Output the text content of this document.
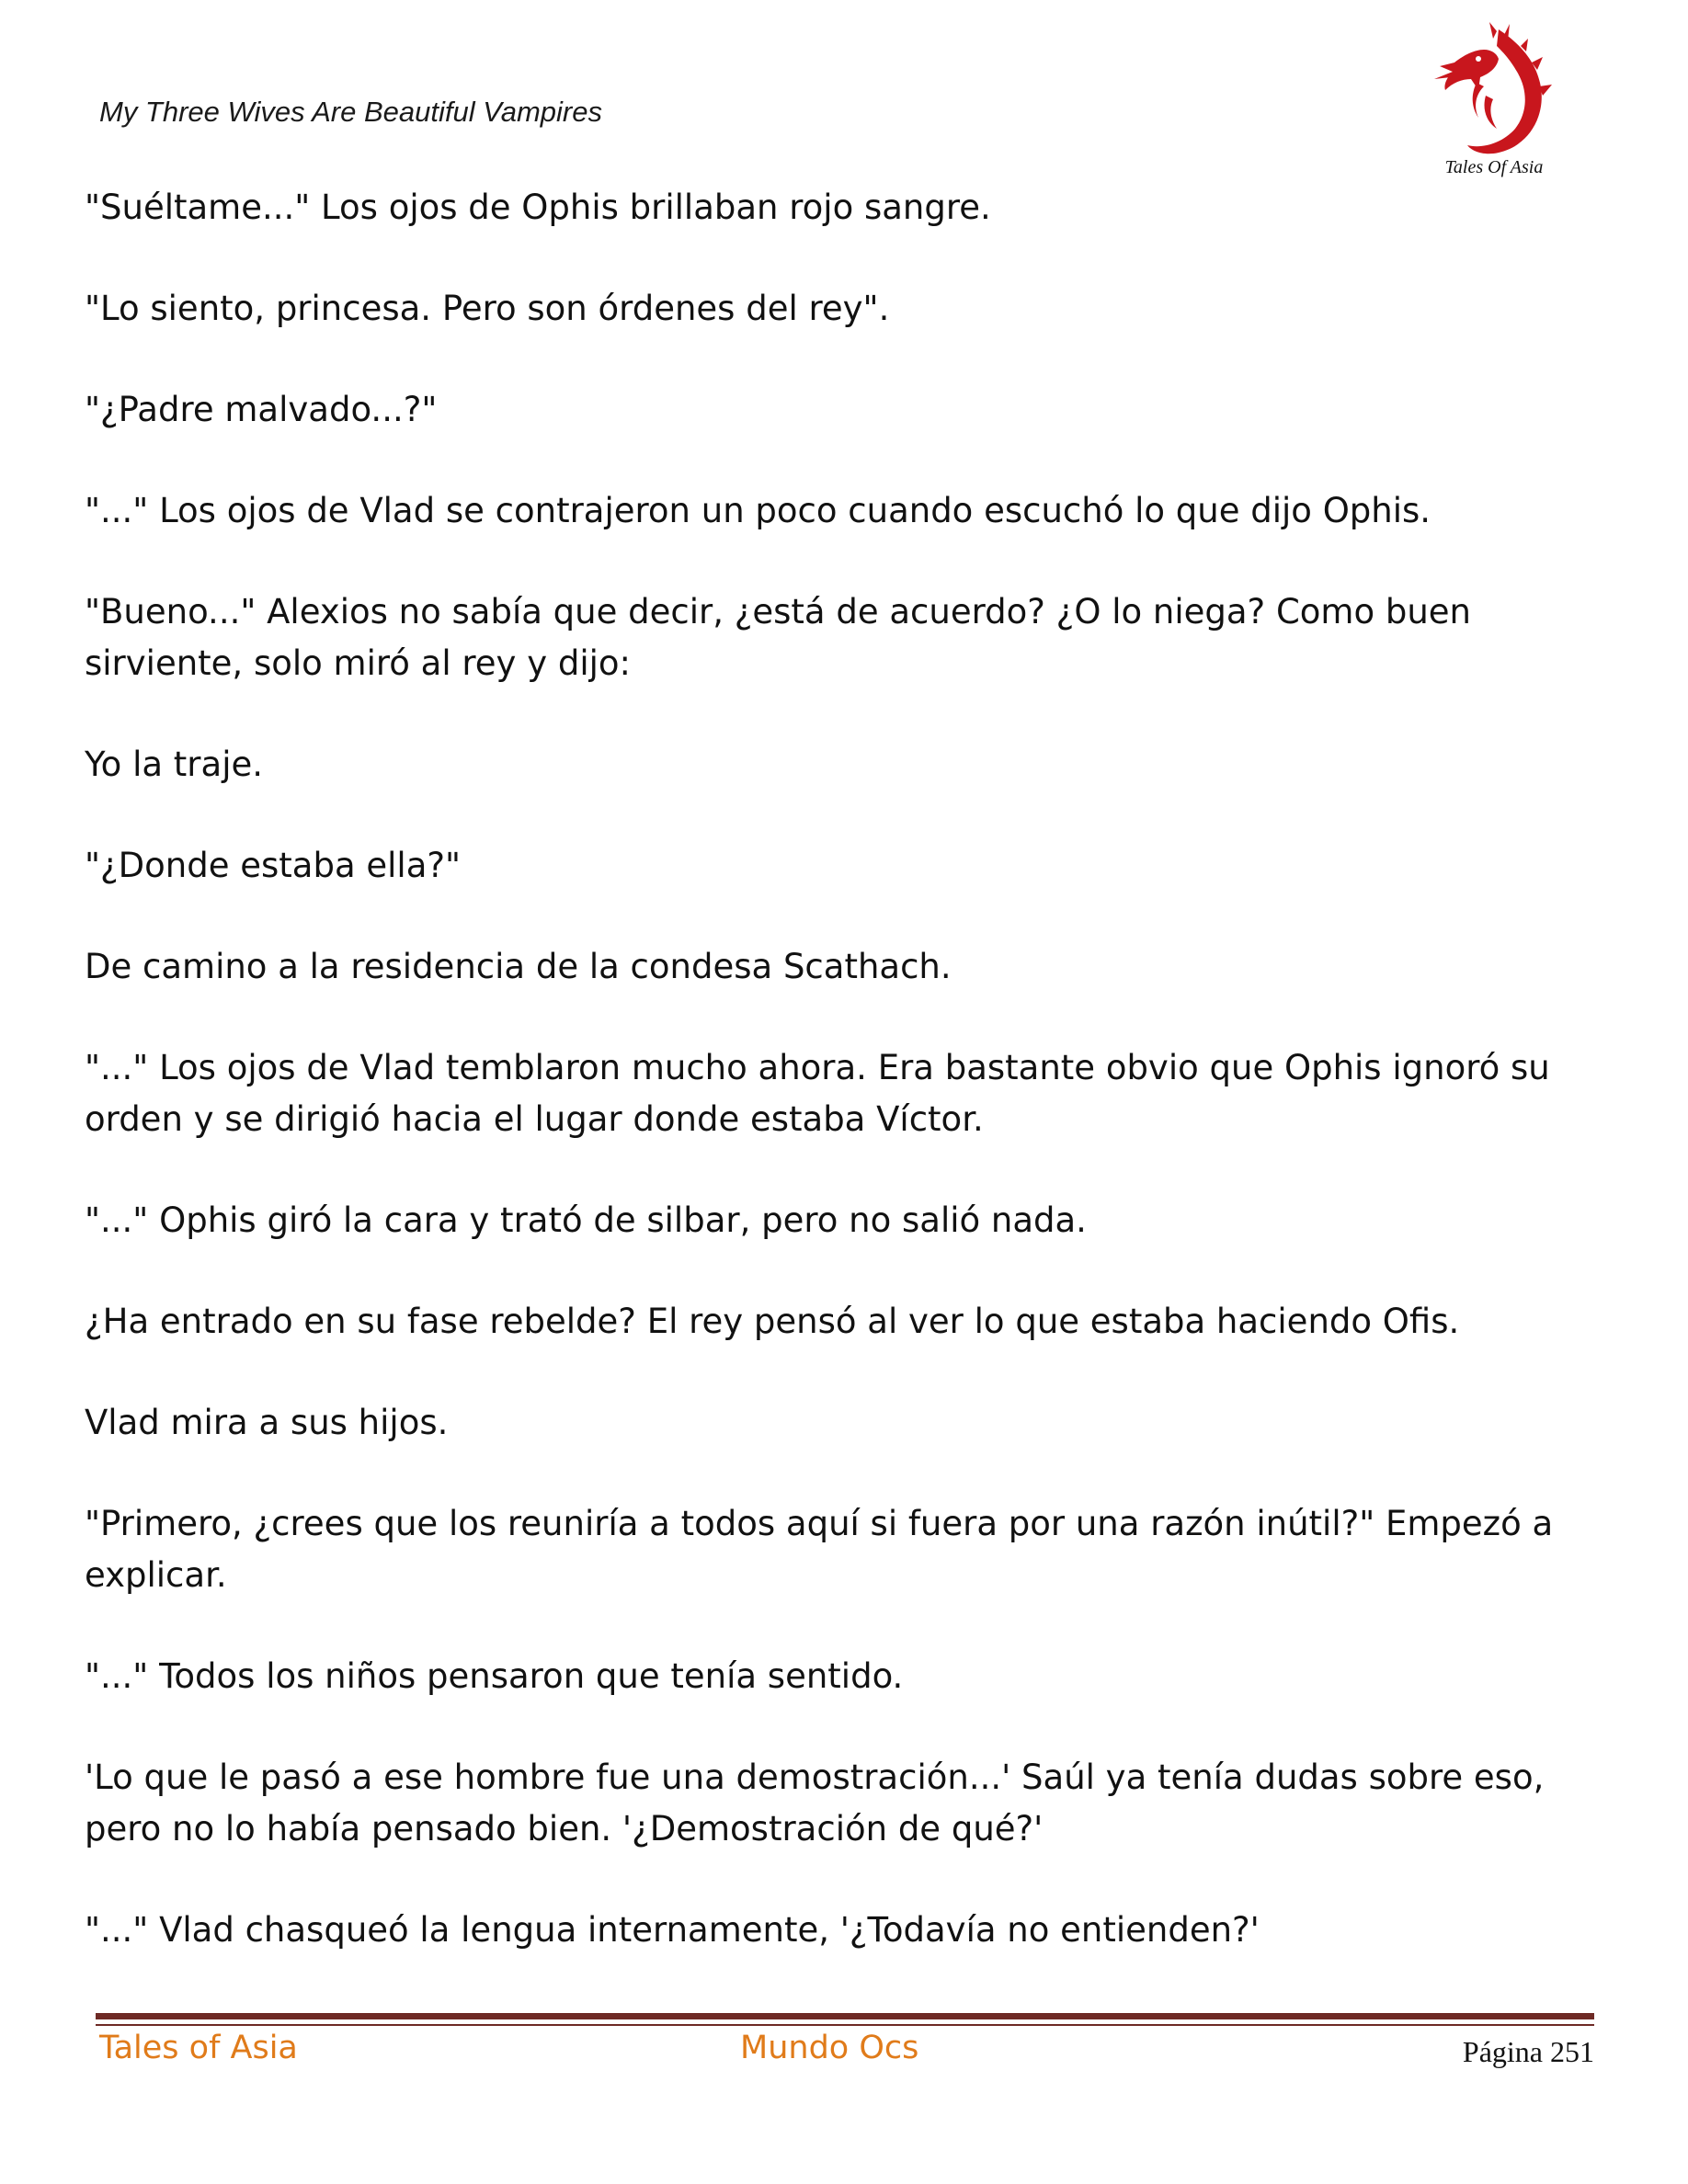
My Three Wives Are Beautiful Vampires
Tales Of Asia

"Suéltame..." Los ojos de Ophis brillaban rojo sangre.

"Lo siento, princesa. Pero son órdenes del rey".

"¿Padre malvado...?"

"..." Los ojos de Vlad se contrajeron un poco cuando escuchó lo que dijo Ophis.

"Bueno..." Alexios no sabía que decir, ¿está de acuerdo? ¿O lo niega? Como buen
sirviente, solo miró al rey y dijo:

Yo la traje.

"¿Donde estaba ella?"

De camino a la residencia de la condesa Scathach.

"..." Los ojos de Vlad temblaron mucho ahora. Era bastante obvio que Ophis ignoró su
orden y se dirigió hacia el lugar donde estaba Víctor.

"..." Ophis giró la cara y trató de silbar, pero no salió nada.

¿Ha entrado en su fase rebelde? El rey pensó al ver lo que estaba haciendo Ofis.

Vlad mira a sus hijos.

"Primero, ¿crees que los reuniría a todos aquí si fuera por una razón inútil?" Empezó a
explicar.

"..." Todos los niños pensaron que tenía sentido.

'Lo que le pasó a ese hombre fue una demostración...' Saúl ya tenía dudas sobre eso,
pero no lo había pensado bien. '¿Demostración de qué?'

"..." Vlad chasqueó la lengua internamente, '¿Todavía no entienden?'

Tales of Asia	Mundo Ocs	Página 251
